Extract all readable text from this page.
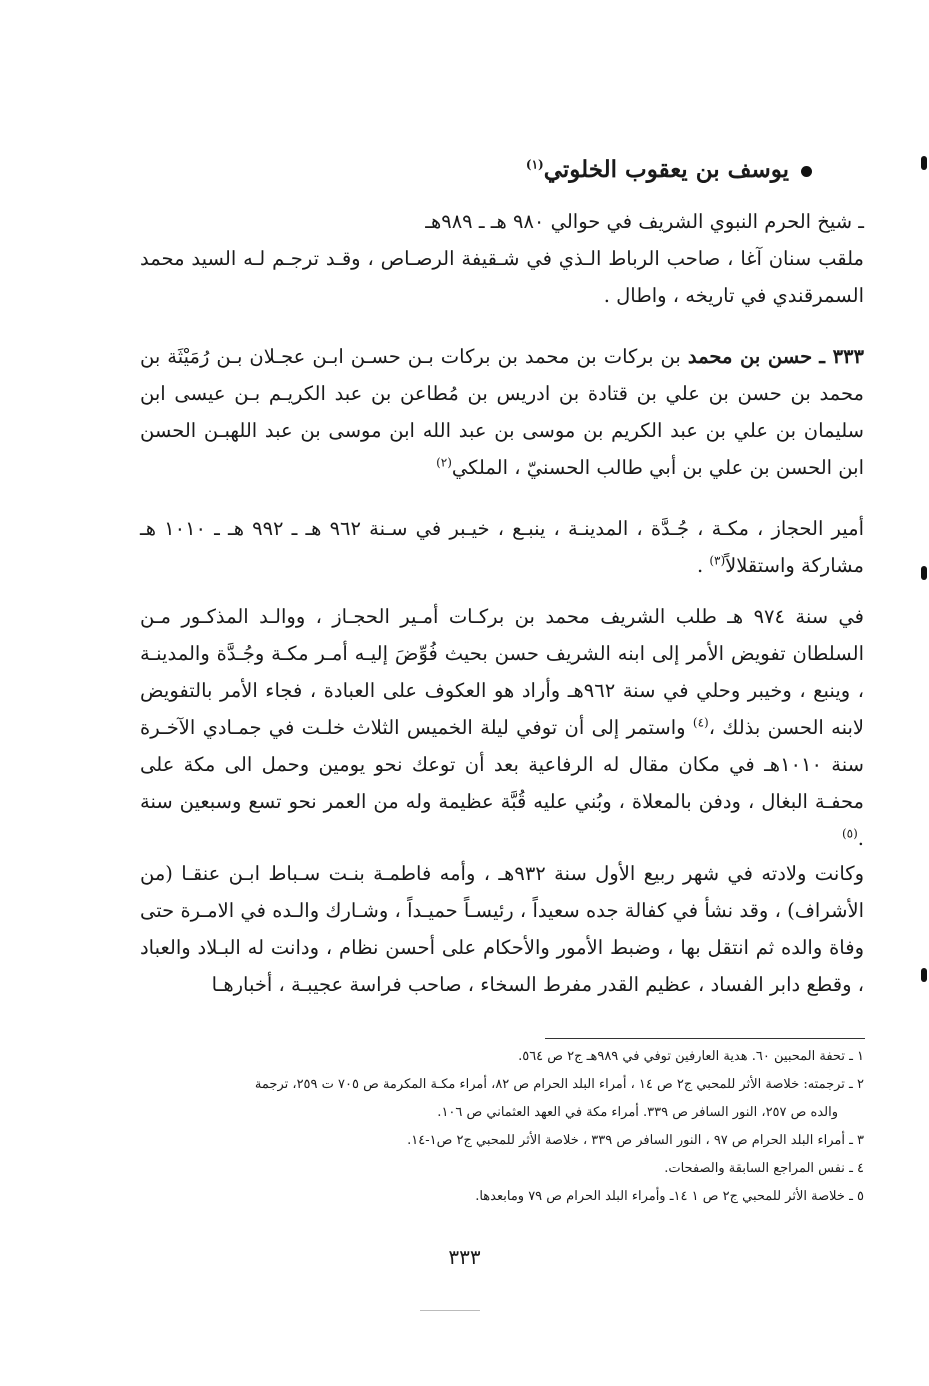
يوسف بن يعقوب الخلوتي$^{(١)}$
ـ شيخ الحرم النبوي الشريف في حوالي ٩٨٠ هـ ـ ٩٨٩هـ
ملقب سنان آغا ، صاحب الرباط الـذي في شـقيفة الرصـاص ، وقـد ترجـم لـه السيد محمد السمرقندي في تاريخه ، واطال .
٣٣٣ ـ حسن بن محمد بن بركات بن محمد بن بركات بـن حسـن ابـن عجـلان بـن رُمَيْثَة بن محمد بن حسن بن علي بن قتادة بن ادريس بن مُطاعن بن عبد الكريـم بـن عيسى ابن سليمان بن علي بن عبد الكريم بن موسى بن عبد الله ابن موسى بن عبد اللهبـن الحسن ابن الحسن بن علي بن أبي طالب الحسنيّ ، الملكي$^{(٢)}$
أمير الحجاز ، مكـة ، جُـدَّة ، المدينـة ، ينبـع ، خيـبر في سـنة ٩٦٢ هـ ـ ٩٩٢ هـ ـ ١٠١٠ هـ مشاركة واستقلالاً$^{(٣)}$ .
في سنة ٩٧٤ هـ طلب الشريف محمد بن بركـات أمـير الحجـاز ، ووالـد المذكـور مـن السلطان تفويض الأمر إلى ابنه الشريف حسن بحيث فُوِّضَ إليـه أمـر مكـة وجُـدَّة والمدينـة ، وينبع ، وخيبر وحلي في سنة ٩٦٢هـ وأراد هو العكوف على العبادة ، فجاء الأمر بالتفويض لابنه الحسن بذلك ،$^{(٤)}$ واستمر إلى أن توفي ليلة الخميس الثلاث خلـت في جمـادي الآخـرة سنة ١٠١٠هـ في مكان مقال له الرفاعية بعد أن توعك نحو يومين وحمل الى مكة على محفـة البغال ، ودفن بالمعلاة ، وبُني عليه قُبَّة عظيمة وله من العمر نحو تسع وسبعين سنة .$^{(٥)}$
وكانت ولادته في شهر ربيع الأول سنة ٩٣٢هـ ، وأمه فاطمـة بنـت سـباط ابـن عنقـا (من الأشراف) ، وقد نشأ في كفالة جده سعيداً ، رئيسـاً حميـداً ، وشـارك والـده في الامـرة حتى وفاة والده ثم انتقل بها ، وضبط الأمور والأحكام على أحسن نظام ، ودانت له البـلاد والعباد ، وقطع دابر الفساد ، عظيم القدر مفرط السخاء ، صاحب فراسة عجيبـة ، أخبارهـا
١ ـ تحفة المحبين ٦٠. هدية العارفين توفي في ٩٨٩هـ ج٢ ص ٥٦٤.
٢ ـ ترجمته: خلاصة الأثر للمحبي ج٢ ص ١٤ ، أمراء البلد الحرام ص ٨٢، أمراء مكـة المكرمة ص ٧٠٥ ت ٢٥٩، ترجمة
والده ص ٢٥٧، النور السافر ص ٣٣٩. أمراء مكة في العهد العثماني ص ١٠٦.
٣ ـ أمراء البلد الحرام ص ٩٧ ، النور السافر ص ٣٣٩ ، خلاصة الأثر للمحبي ج٢ ص١-١٤.
٤ ـ نفس المراجع السابقة والصفحات.
٥ ـ خلاصة الأثر للمحبي ج٢ ص ١ ١٤ـ وأمراء البلد الحرام ص ٧٩ ومابعدها.
٣٣٣
